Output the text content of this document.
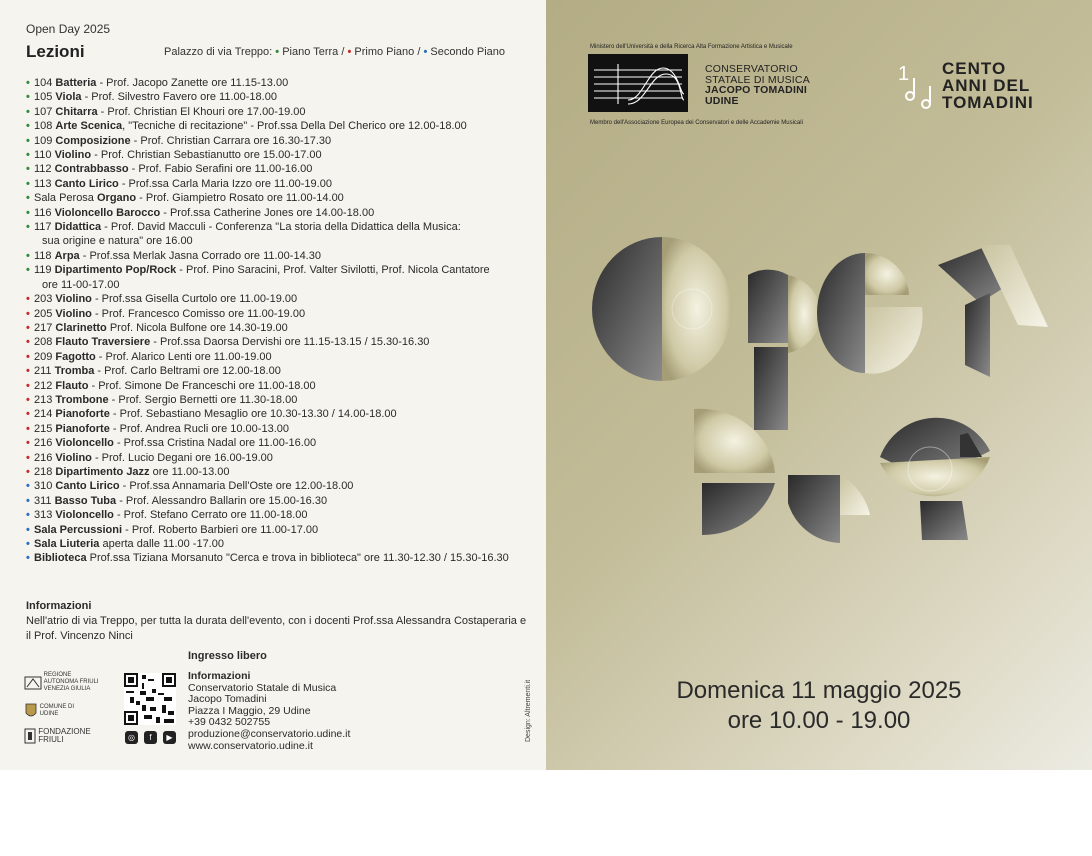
Open Day 2025
Lezioni	Palazzo di via Treppo: • Piano Terra / • Primo Piano / • Secondo Piano
• 104 Batteria - Prof. Jacopo Zanette ore 11.15-13.00
• 105 Viola - Prof. Silvestro Favero ore 11.00-18.00
• 107 Chitarra - Prof. Christian El Khouri ore 17.00-19.00
• 108 Arte Scenica, "Tecniche di recitazione" - Prof.ssa Della Del Cherico ore 12.00-18.00
• 109 Composizione - Prof. Christian Carrara ore 16.30-17.30
• 110 Violino - Prof. Christian Sebastianutto ore 15.00-17.00
• 112 Contrabbasso - Prof. Fabio Serafini ore 11.00-16.00
• 113 Canto Lirico - Prof.ssa Carla Maria Izzo ore 11.00-19.00
• Sala Perosa Organo - Prof. Giampietro Rosato ore 11.00-14.00
• 116 Violoncello Barocco - Prof.ssa Catherine Jones ore 14.00-18.00
• 117 Didattica - Prof. David Macculi - Conferenza "La storia della Didattica della Musica:
sua origine e natura" ore 16.00
• 118 Arpa - Prof.ssa Merlak Jasna Corrado ore 11.00-14.30
• 119 Dipartimento Pop/Rock - Prof. Pino Saracini, Prof. Valter Sivilotti, Prof. Nicola Cantatore
ore 11-00-17.00
• 203 Violino - Prof.ssa Gisella Curtolo ore 11.00-19.00
• 205 Violino - Prof. Francesco Comisso ore 11.00-19.00
• 217 Clarinetto Prof. Nicola Bulfone ore 14.30-19.00
• 208 Flauto Traversiere - Prof.ssa Daorsa Dervishi ore 11.15-13.15 / 15.30-16.30
• 209 Fagotto - Prof. Alarico Lenti ore 11.00-19.00
• 211 Tromba - Prof. Carlo Beltrami ore 12.00-18.00
• 212 Flauto - Prof. Simone De Franceschi ore 11.00-18.00
• 213 Trombone - Prof. Sergio Bernetti ore 11.30-18.00
• 214 Pianoforte - Prof. Sebastiano Mesaglio ore 10.30-13.30 / 14.00-18.00
• 215 Pianoforte - Prof. Andrea Rucli ore 10.00-13.00
• 216 Violoncello - Prof.ssa Cristina Nadal ore 11.00-16.00
• 216 Violino - Prof. Lucio Degani ore 16.00-19.00
• 218 Dipartimento Jazz ore 11.00-13.00
• 310 Canto Lirico - Prof.ssa Annamaria Dell'Oste ore 12.00-18.00
• 311 Basso Tuba - Prof. Alessandro Ballarin ore 15.00-16.30
• 313 Violoncello - Prof. Stefano Cerrato ore 11.00-18.00
• Sala Percussioni - Prof. Roberto Barbieri ore 11.00-17.00
• Sala Liuteria aperta dalle 11.00 -17.00
• Biblioteca Prof.ssa Tiziana Morsanuto "Cerca e trova in biblioteca" ore 11.30-12.30 / 15.30-16.30
Informazioni
Nell'atrio di via Treppo, per tutta la durata dell'evento, con i docenti Prof.ssa Alessandra Costaperaria e il Prof. Vincenzo Ninci
REGIONE AUTONOMA FRIULI VENEZIA GIULIA
COMUNE DI UDINE
FONDAZIONE FRIULI	◎	f	▶
Ingresso libero
Informazioni
Conservatorio Statale di Musica
Jacopo Tomadini
Piazza I Maggio, 29 Udine
+39 0432 502755
produzione@conservatorio.udine.it
www.conservatorio.udine.it
Design: Altrementi.it
Ministero dell'Università e della Ricerca Alta Formazione Artistica e Musicale
CONSERVATORIO
STATALE DI MUSICA
JACOPO TOMADINI
UDINE
Membro dell'Associazione Europea dei Conservatori e delle Accademie Musicali
1 CENTO
ANNI DEL
TOMADINI
Domenica 11 maggio 2025
ore 10.00 - 19.00
